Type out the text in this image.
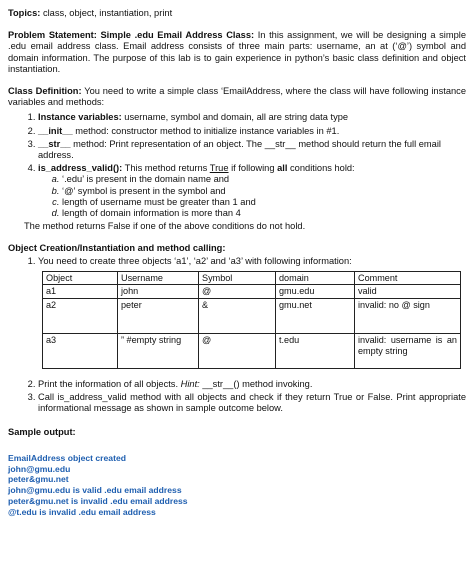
Topics: class, object, instantiation, print

Problem Statement: Simple .edu Email Address Class: In this assignment, we will be designing a simple .edu email address class. Email address consists of three main parts: username, an at (‘@’) symbol and domain information. The purpose of this lab is to gain experience in python’s basic class definition and object instantiation.

Class Definition: You need to write a simple class ‘EmailAddress, where the class will have following instance variables and methods:

1. Instance variables: username, symbol and domain, all are string data type
2. __init__ method: constructor method to initialize instance variables in #1.
3. __str__ method: Print representation of an object. The __str__ method should return the full email address.
4. is_address_valid(): This method returns True if following all conditions hold:
a. ‘.edu’ is present in the domain name and
b. ‘@’ symbol is present in the symbol and
c. length of username must be greater than 1 and
d. length of domain information is more than 4

The method returns False if one of the above conditions do not hold.

Object Creation/Instantiation and method calling:

1. You need to create three objects ‘a1’, ‘a2’ and ‘a3’ with following information:
Object	Username	Symbol	domain	Comment
a1	john	@	gmu.edu	valid
a2	peter	&	gmu.net	invalid: no @ sign
a3	” #empty string	@	t.edu	invalid: username is an empty string
2. Print the information of all objects. Hint: __str__() method invoking.
3. Call is_address_valid method with all objects and check if they return True or False. Print appropriate informational message as shown in sample outcome below.

Sample output:

EmailAddress object created
john@gmu.edu
peter&gmu.net
john@gmu.edu is valid .edu email address
peter&gmu.net is invalid .edu email address
@t.edu is invalid .edu email address
